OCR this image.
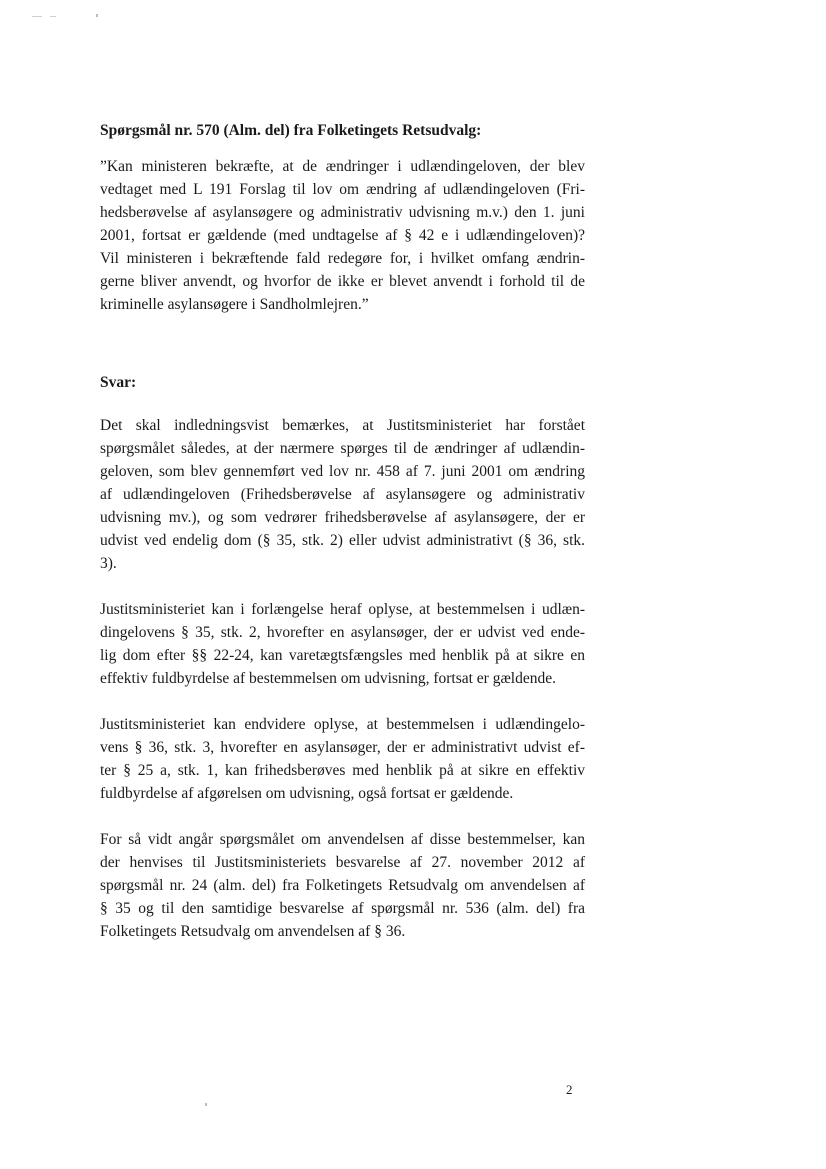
Spørgsmål nr. 570 (Alm. del) fra Folketingets Retsudvalg:
”Kan ministeren bekræfte, at de ændringer i udlændingeloven, der blev
vedtaget med L 191 Forslag til lov om ændring af udlændingeloven (Fri-
hedsberøvelse af asylansøgere og administrativ udvisning m.v.) den 1. juni
2001, fortsat er gældende (med undtagelse af § 42 e i udlændingeloven)?
Vil ministeren i bekræftende fald redegøre for, i hvilket omfang ændrin-
gerne bliver anvendt, og hvorfor de ikke er blevet anvendt i forhold til de
kriminelle asylansøgere i Sandholmlejren.”
Svar:
Det skal indledningsvist bemærkes, at Justitsministeriet har forstået
spørgsmålet således, at der nærmere spørges til de ændringer af udlændin-
geloven, som blev gennemført ved lov nr. 458 af 7. juni 2001 om ændring
af udlændingeloven (Frihedsberøvelse af asylansøgere og administrativ
udvisning mv.), og som vedrører frihedsberøvelse af asylansøgere, der er
udvist ved endelig dom (§ 35, stk. 2) eller udvist administrativt (§ 36, stk.
3).
Justitsministeriet kan i forlængelse heraf oplyse, at bestemmelsen i udlæn-
dingelovens § 35, stk. 2, hvorefter en asylansøger, der er udvist ved ende-
lig dom efter §§ 22-24, kan varetægtsfængsles med henblik på at sikre en
effektiv fuldbyrdelse af bestemmelsen om udvisning, fortsat er gældende.
Justitsministeriet kan endvidere oplyse, at bestemmelsen i udlændingelo-
vens § 36, stk. 3, hvorefter en asylansøger, der er administrativt udvist ef-
ter § 25 a, stk. 1, kan frihedsberøves med henblik på at sikre en effektiv
fuldbyrdelse af afgørelsen om udvisning, også fortsat er gældende.
For så vidt angår spørgsmålet om anvendelsen af disse bestemmelser, kan
der henvises til Justitsministeriets besvarelse af 27. november 2012 af
spørgsmål nr. 24 (alm. del) fra Folketingets Retsudvalg om anvendelsen af
§ 35 og til den samtidige besvarelse af spørgsmål nr. 536 (alm. del) fra
Folketingets Retsudvalg om anvendelsen af § 36.
2
